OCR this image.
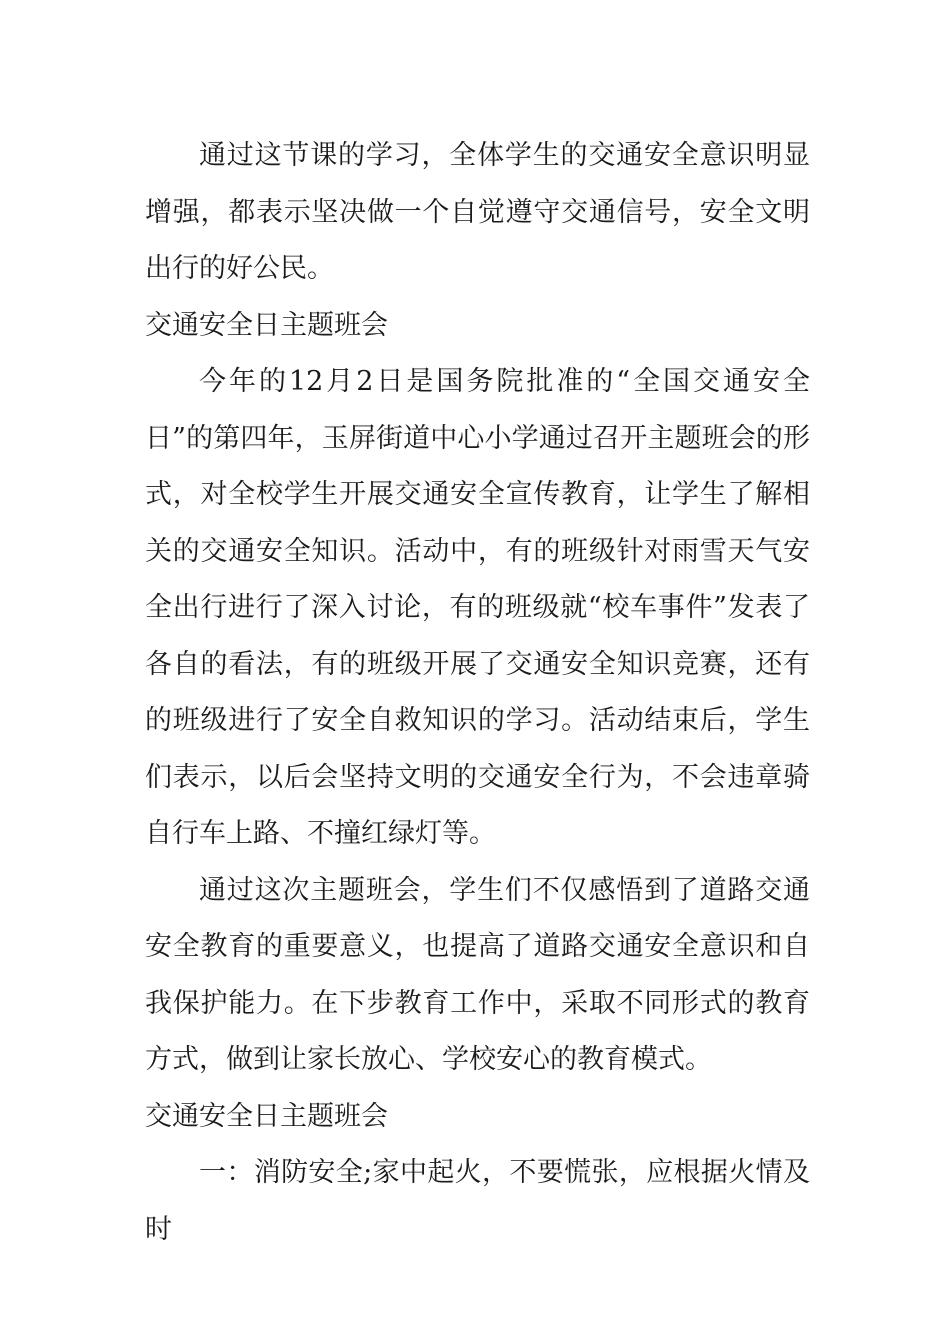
通过这节课的学习，全体学生的交通安全意识明显增强，都表示坚决做一个自觉遵守交通信号，安全文明出行的好公民。

交通安全日主题班会

今年的12月2日是国务院批准的“全国交通安全日”的第四年，玉屏街道中心小学通过召开主题班会的形式，对全校学生开展交通安全宣传教育，让学生了解相关的交通安全知识。活动中，有的班级针对雨雪天气安全出行进行了深入讨论，有的班级就“校车事件”发表了各自的看法，有的班级开展了交通安全知识竞赛，还有的班级进行了安全自救知识的学习。活动结束后，学生们表示，以后会坚持文明的交通安全行为，不会违章骑自行车上路、不撞红绿灯等。

通过这次主题班会，学生们不仅感悟到了道路交通安全教育的重要意义，也提高了道路交通安全意识和自我保护能力。在下步教育工作中，采取不同形式的教育方式，做到让家长放心、学校安心的教育模式。

交通安全日主题班会

一：消防安全;家中起火，不要慌张，应根据火情及时
